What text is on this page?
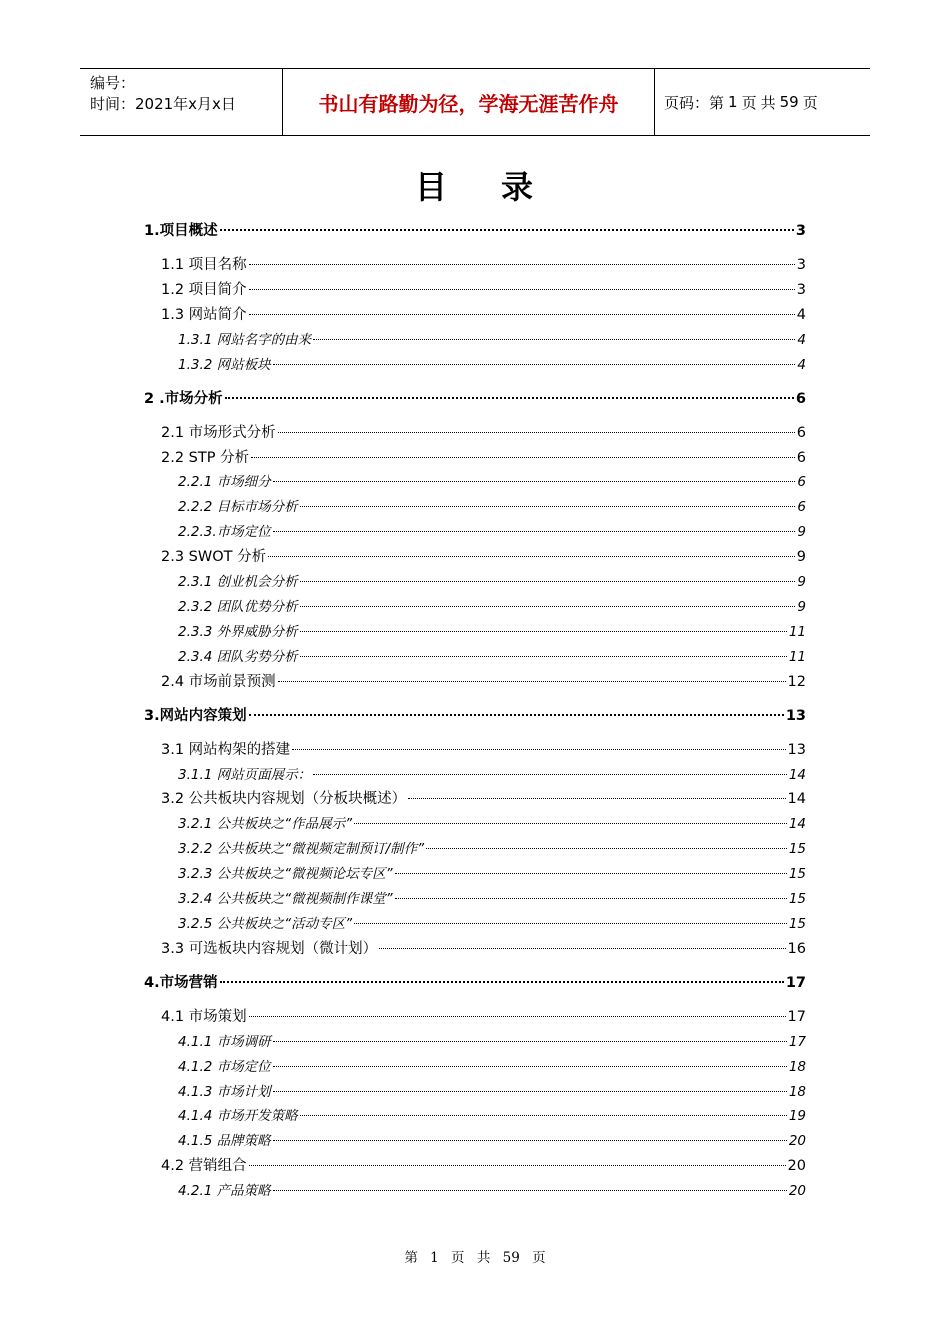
编号：
时间：2021年x月x日	书山有路勤为径，学海无涯苦作舟	页码：第 1 页 共 59 页
目 录
1.项目概述	3
1.1 项目名称	3
1.2 项目简介	3
1.3 网站简介	4
1.3.1 网站名字的由来	4
1.3.2 网站板块	4
2 .市场分析	6
2.1 市场形式分析	6
2.2 STP 分析	6
2.2.1 市场细分	6
2.2.2 目标市场分析	6
2.2.3.市场定位	9
2.3 SWOT 分析	9
2.3.1 创业机会分析	9
2.3.2 团队优势分析	9
2.3.3 外界威胁分析	11
2.3.4 团队劣势分析	11
2.4 市场前景预测	12
3.网站内容策划	13
3.1 网站构架的搭建	13
3.1.1 网站页面展示：	14
3.2 公共板块内容规划（分板块概述）	14
3.2.1 公共板块之“作品展示”	14
3.2.2 公共板块之“微视频定制预订/制作”	15
3.2.3 公共板块之“微视频论坛专区”	15
3.2.4 公共板块之“微视频制作课堂”	15
3.2.5 公共板块之“活动专区”	15
3.3 可选板块内容规划（微计划）	16
4.市场营销	17
4.1 市场策划	17
4.1.1 市场调研	17
4.1.2 市场定位	18
4.1.3 市场计划	18
4.1.4 市场开发策略	19
4.1.5 品牌策略	20
4.2 营销组合	20
4.2.1 产品策略	20
第 1 页 共 59 页
